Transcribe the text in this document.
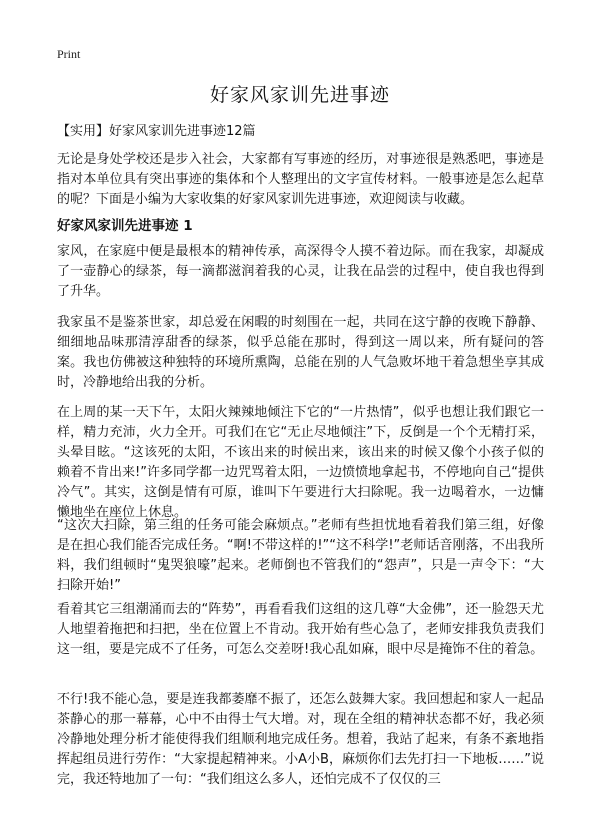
Print
好家风家训先进事迹
【实用】好家风家训先进事迹12篇

无论是身处学校还是步入社会，大家都有写事迹的经历，对事迹很是熟悉吧，事迹是指对本单位具有突出事迹的集体和个人整理出的文字宣传材料。一般事迹是怎么起草的呢？下面是小编为大家收集的好家风家训先进事迹，欢迎阅读与收藏。

好家风家训先进事迹 1

家风，在家庭中便是最根本的精神传承，高深得令人摸不着边际。而在我家，却凝成了一壶静心的绿茶，每一滴都滋润着我的心灵，让我在品尝的过程中，使自我也得到了升华。

我家虽不是鉴茶世家，却总爱在闲暇的时刻围在一起，共同在这宁静的夜晚下静静、细细地品味那清淳甜香的绿茶，似乎总能在那时，得到这一周以来，所有疑问的答案。我也仿佛被这种独特的环境所熏陶，总能在别的人气急败坏地干着急想坐享其成时，冷静地给出我的分析。

在上周的某一天下午，太阳火辣辣地倾注下它的“一片热情”，似乎也想让我们跟它一样，精力充沛，火力全开。可我们在它“无止尽地倾注”下，反倒是一个个无精打采，头晕目眩。“这该死的太阳，不该出来的时候出来，该出来的时候又像个小孩子似的赖着不肯出来!”许多同学都一边咒骂着太阳，一边愤愤地拿起书，不停地向自己“提供冷气”。其实，这倒是情有可原，谁叫下午要进行大扫除呢。我一边喝着水，一边慵懒地坐在座位上休息。

“这次大扫除，第三组的任务可能会麻烦点。”老师有些担忧地看着我们第三组，好像是在担心我们能否完成任务。“啊!不带这样的!”“这不科学!”老师话音刚落，不出我所料，我们组顿时“鬼哭狼嚎”起来。老师倒也不管我们的“怨声”，只是一声令下：“大扫除开始!”

看着其它三组潮涌而去的“阵势”，再看看我们这组的这几尊“大金佛”，还一脸怨天尤人地望着拖把和扫把，坐在位置上不肯动。我开始有些心急了，老师安排我负责我们这一组，要是完成不了任务，可怎么交差呀!我心乱如麻，眼中尽是掩饰不住的着急。

不行!我不能心急，要是连我都萎靡不振了，还怎么鼓舞大家。我回想起和家人一起品茶静心的那一幕幕，心中不由得士气大增。对，现在全组的精神状态都不好，我必须冷静地处理分析才能使得我们组顺利地完成任务。想着，我站了起来，有条不紊地指挥起组员进行劳作：“大家提起精神来。小A小B，麻烦你们去先打扫一下地板……”说完，我还特地加了一句：“我们组这么多人，还怕完成不了仅仅的三
